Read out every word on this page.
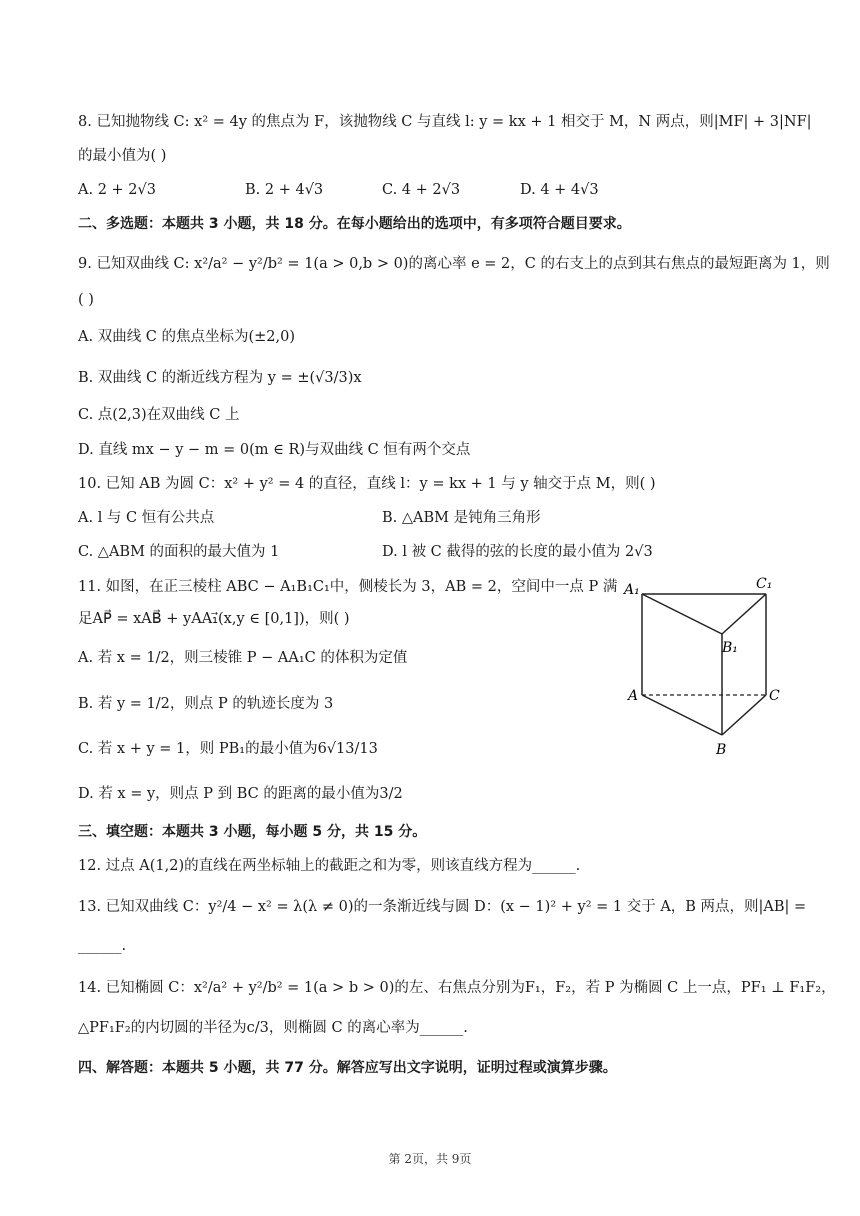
8. 已知抛物线 C: x² = 4y 的焦点为 F，该抛物线 C 与直线 l: y = kx + 1 相交于 M，N 两点，则|MF| + 3|NF|
的最小值为( )
A. 2 + 2√3	B. 2 + 4√3	C. 4 + 2√3	D. 4 + 4√3
二、多选题：本题共 3 小题，共 18 分。在每小题给出的选项中，有多项符合题目要求。
9. 已知双曲线 C: x²/a² − y²/b² = 1(a > 0,b > 0)的离心率 e = 2，C 的右支上的点到其右焦点的最短距离为 1，则
( )
A. 双曲线 C 的焦点坐标为(±2,0)
B. 双曲线 C 的渐近线方程为 y = ±(√3/3)x
C. 点(2,3)在双曲线 C 上
D. 直线 mx − y − m = 0(m ∈ R)与双曲线 C 恒有两个交点
10. 已知 AB 为圆 C：x² + y² = 4 的直径，直线 l：y = kx + 1 与 y 轴交于点 M，则( )
A. l 与 C 恒有公共点	B. △ABM 是钝角三角形
C. △ABM 的面积的最大值为 1	D. l 被 C 截得的弦的长度的最小值为 2√3
11. 如图，在正三棱柱 ABC − A₁B₁C₁中，侧棱长为 3，AB = 2，空间中一点 P 满
足AP⃗ = xAB⃗ + yAA₁⃗(x,y ∈ [0,1])，则( )
A. 若 x = 1/2，则三棱锥 P − AA₁C 的体积为定值
B. 若 y = 1/2，则点 P 的轨迹长度为 3
C. 若 x + y = 1，则 PB₁的最小值为6√13/13
D. 若 x = y，则点 P 到 BC 的距离的最小值为3/2
A₁	C₁
B₁
A	C
B
三、填空题：本题共 3 小题，每小题 5 分，共 15 分。
12. 过点 A(1,2)的直线在两坐标轴上的截距之和为零，则该直线方程为______.
13. 已知双曲线 C：y²/4 − x² = λ(λ ≠ 0)的一条渐近线与圆 D：(x − 1)² + y² = 1 交于 A，B 两点，则|AB| =
______.
14. 已知椭圆 C：x²/a² + y²/b² = 1(a > b > 0)的左、右焦点分别为F₁，F₂，若 P 为椭圆 C 上一点，PF₁ ⊥ F₁F₂，
△PF₁F₂的内切圆的半径为c/3，则椭圆 C 的离心率为______.
四、解答题：本题共 5 小题，共 77 分。解答应写出文字说明，证明过程或演算步骤。
第 2页，共 9页
